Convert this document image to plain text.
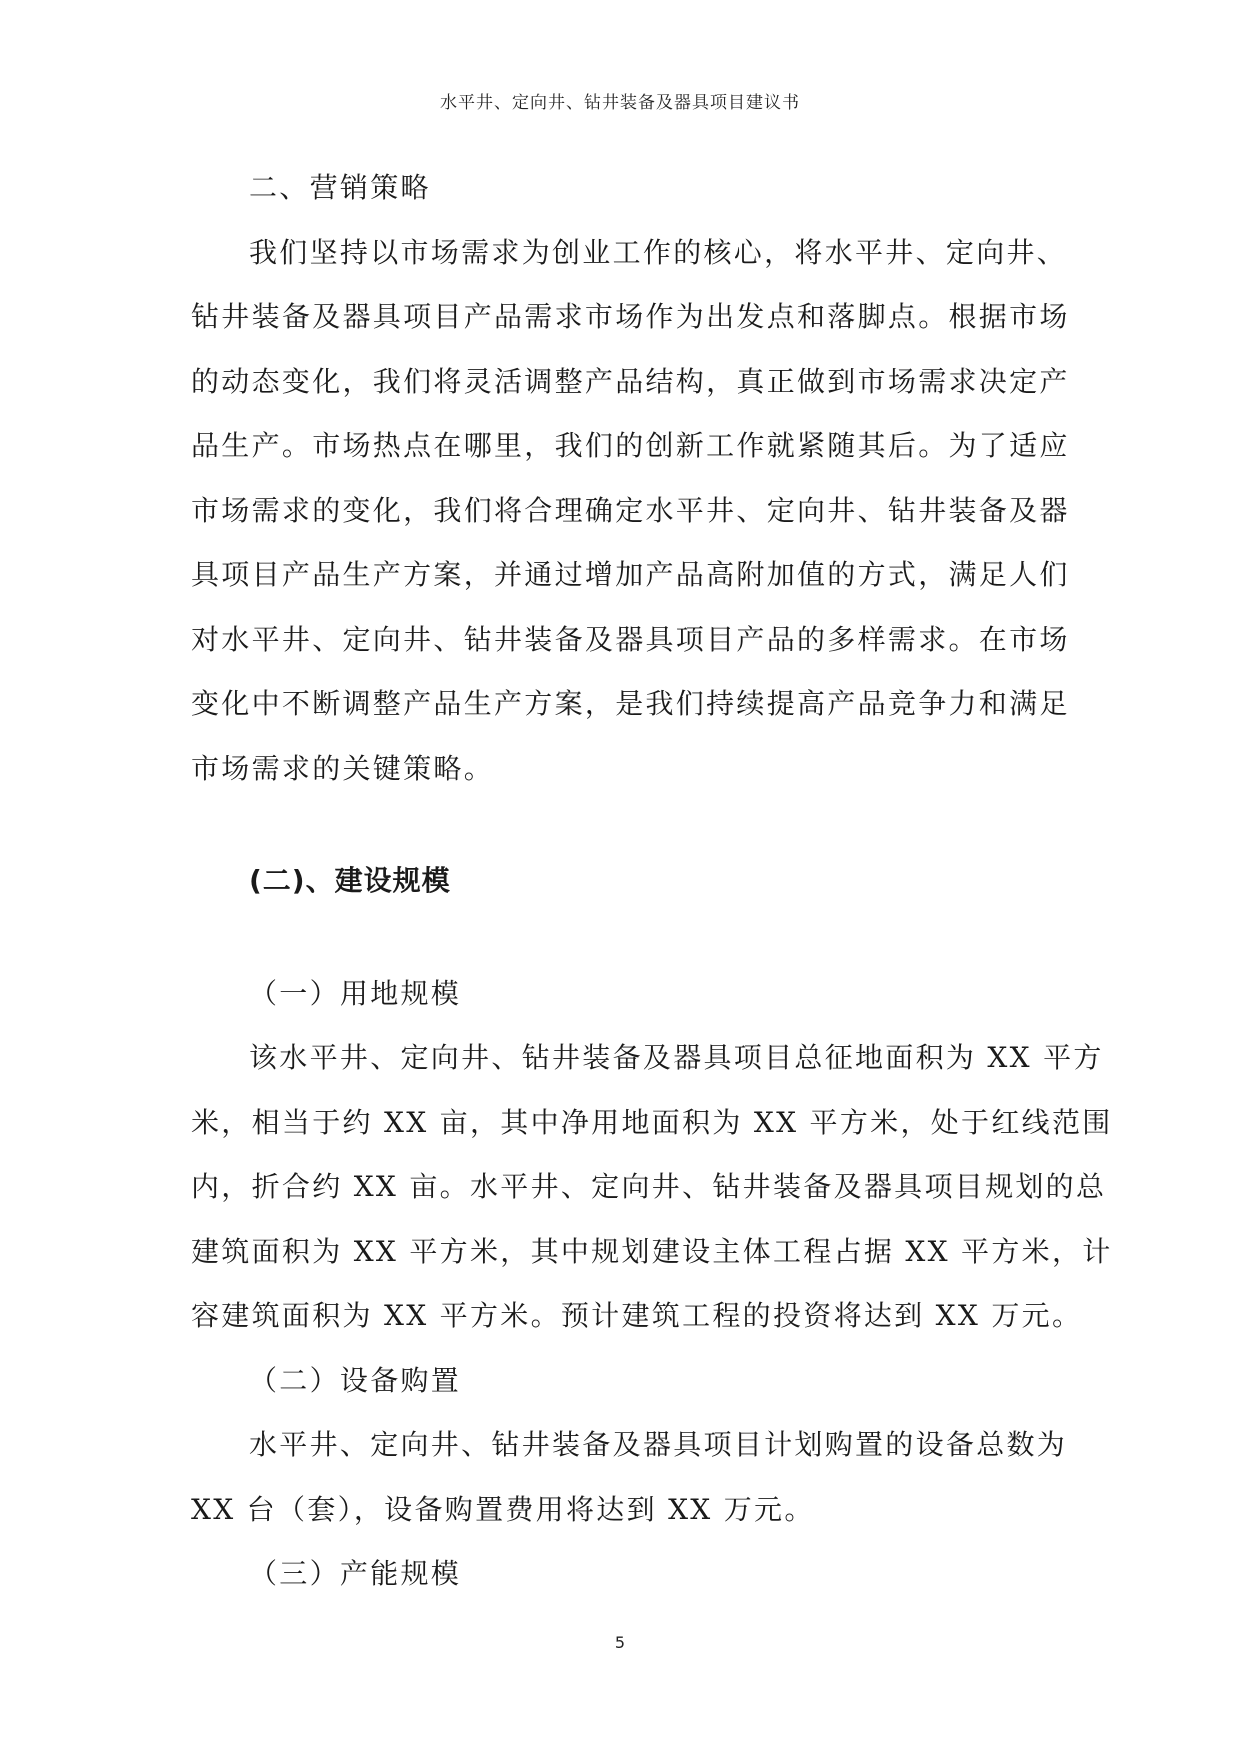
水平井、定向井、钻井装备及器具项目建议书
二、营销策略
我们坚持以市场需求为创业工作的核心，将水平井、定向井、
钻井装备及器具项目产品需求市场作为出发点和落脚点。根据市场
的动态变化，我们将灵活调整产品结构，真正做到市场需求决定产
品生产。市场热点在哪里，我们的创新工作就紧随其后。为了适应
市场需求的变化，我们将合理确定水平井、定向井、钻井装备及器
具项目产品生产方案，并通过增加产品高附加值的方式，满足人们
对水平井、定向井、钻井装备及器具项目产品的多样需求。在市场
变化中不断调整产品生产方案，是我们持续提高产品竞争力和满足
市场需求的关键策略。
(二)、建设规模
（一）用地规模
该水平井、定向井、钻井装备及器具项目总征地面积为 XX 平方
米，相当于约 XX 亩，其中净用地面积为 XX 平方米，处于红线范围
内，折合约 XX 亩。水平井、定向井、钻井装备及器具项目规划的总
建筑面积为 XX 平方米，其中规划建设主体工程占据 XX 平方米，计
容建筑面积为 XX 平方米。预计建筑工程的投资将达到 XX 万元。
（二）设备购置
水平井、定向井、钻井装备及器具项目计划购置的设备总数为
XX 台（套），设备购置费用将达到 XX 万元。
（三）产能规模
5
